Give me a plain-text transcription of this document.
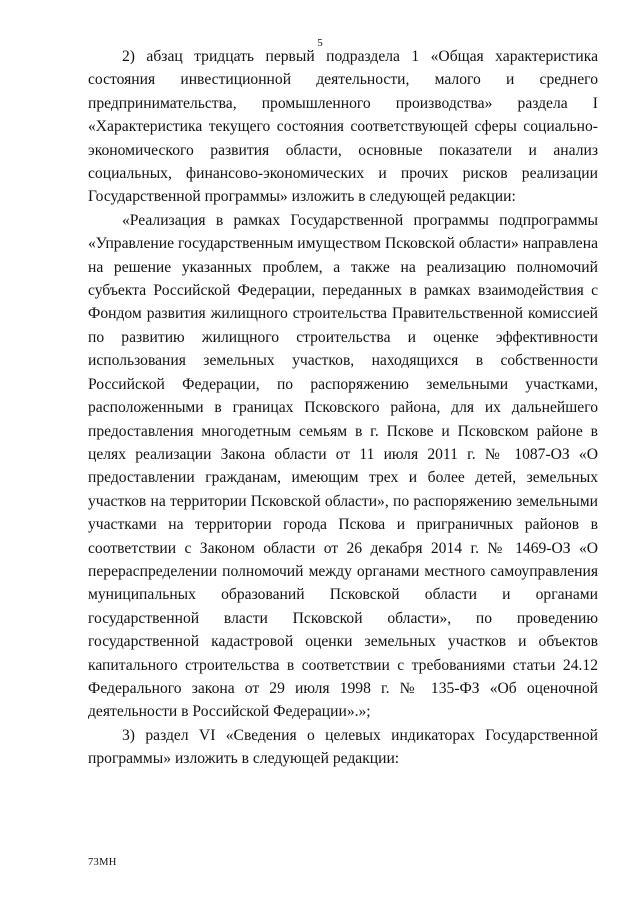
5

2) абзац тридцать первый подраздела 1 «Общая характеристика состояния инвестиционной деятельности, малого и среднего предпринимательства, промышленного производства» раздела I «Характеристика текущего состояния соответствующей сферы социально-экономического развития области, основные показатели и анализ социальных, финансово-экономических и прочих рисков реализации Государственной программы» изложить в следующей редакции:

«Реализация в рамках Государственной программы подпрограммы «Управление государственным имуществом Псковской области» направлена на решение указанных проблем, а также на реализацию полномочий субъекта Российской Федерации, переданных в рамках взаимодействия с Фондом развития жилищного строительства Правительственной комиссией по развитию жилищного строительства и оценке эффективности использования земельных участков, находящихся в собственности Российской Федерации, по распоряжению земельными участками, расположенными в границах Псковского района, для их дальнейшего предоставления многодетным семьям в г. Пскове и Псковском районе в целях реализации Закона области от 11 июля 2011 г. № 1087-ОЗ «О предоставлении гражданам, имеющим трех и более детей, земельных участков на территории Псковской области», по распоряжению земельными участками на территории города Пскова и приграничных районов в соответствии с Законом области от 26 декабря 2014 г. № 1469-ОЗ «О перераспределении полномочий между органами местного самоуправления муниципальных образований Псковской области и органами государственной власти Псковской области», по проведению государственной кадастровой оценки земельных участков и объектов капитального строительства в соответствии с требованиями статьи 24.12 Федерального закона от 29 июля 1998 г. № 135-ФЗ «Об оценочной деятельности в Российской Федерации».»;

3) раздел VI «Сведения о целевых индикаторах Государственной программы» изложить в следующей редакции:

73МН
